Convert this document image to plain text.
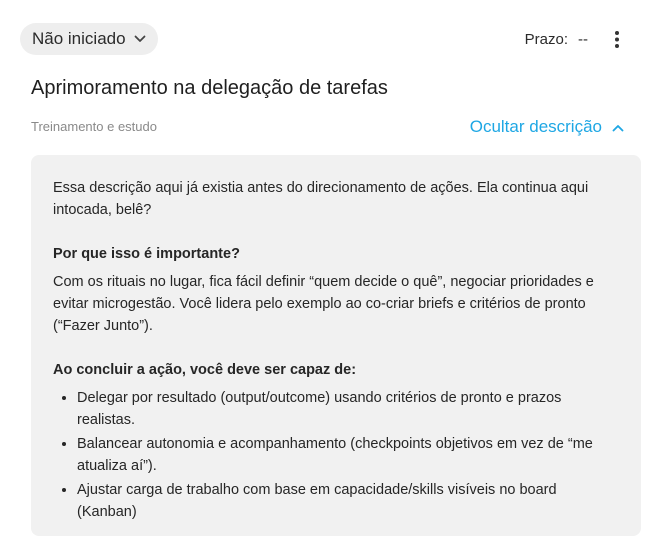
Não iniciado	Prazo: --
Aprimoramento na delegação de tarefas
Treinamento e estudo	Ocultar descrição

Essa descrição aqui já existia antes do direcionamento de ações. Ela continua aqui intocada, belê?

Por que isso é importante?

Com os rituais no lugar, fica fácil definir “quem decide o quê”, negociar prioridades e evitar microgestão. Você lidera pelo exemplo ao co-criar briefs e critérios de pronto (“Fazer Junto”).

Ao concluir a ação, você deve ser capaz de:

• Delegar por resultado (output/outcome) usando critérios de pronto e prazos realistas.
• Balancear autonomia e acompanhamento (checkpoints objetivos em vez de “me atualiza aí”).
• Ajustar carga de trabalho com base em capacidade/skills visíveis no board (Kanban)
